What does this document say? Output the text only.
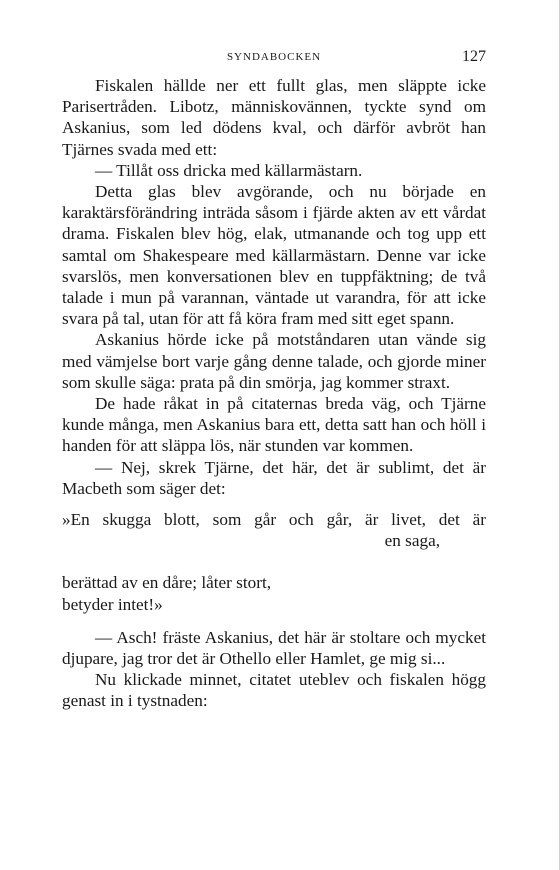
SYNDABOCKEN	127

Fiskalen hällde ner ett fullt glas, men släppte icke Parisertråden. Libotz, människovännen, tyckte synd om Askanius, som led dödens kval, och därför avbröt han Tjärnes svada med ett:

— Tillåt oss dricka med källarmästarn.

Detta glas blev avgörande, och nu började en karaktärsförändring inträda såsom i fjärde akten av ett vårdat drama. Fiskalen blev hög, elak, utmanande och tog upp ett samtal om Shakespeare med källarmästarn. Denne var icke svarslös, men konversationen blev en tuppfäktning; de två talade i mun på varannan, väntade ut varandra, för att icke svara på tal, utan för att få köra fram med sitt eget spann.

Askanius hörde icke på motståndaren utan vände sig med vämjelse bort varje gång denne talade, och gjorde miner som skulle säga: prata på din smörja, jag kommer straxt.

De hade råkat in på citaternas breda väg, och Tjärne kunde många, men Askanius bara ett, detta satt han och höll i handen för att släppa lös, när stunden var kommen.

— Nej, skrek Tjärne, det här, det är sublimt, det är Macbeth som säger det:

»En skugga blott, som går och går, är livet, det är
en saga,
berättad av en dåre; låter stort,
betyder intet!»

— Asch! fräste Askanius, det här är stoltare och mycket djupare, jag tror det är Othello eller Hamlet, ge mig si...

Nu klickade minnet, citatet uteblev och fiskalen högg genast in i tystnaden:
